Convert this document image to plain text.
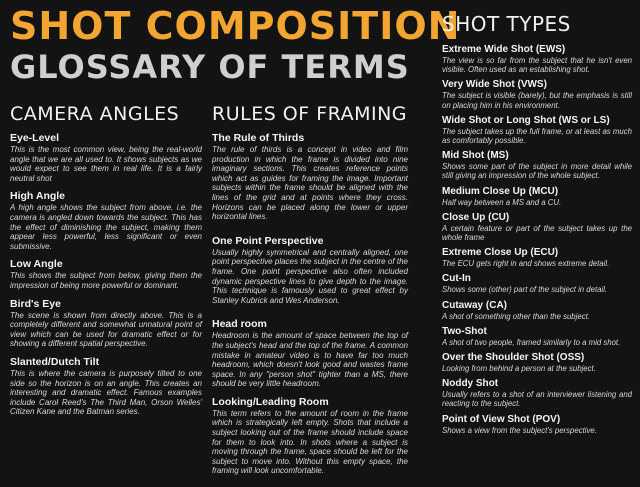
SHOT COMPOSITION
GLOSSARY OF TERMS
CAMERA ANGLES
Eye-Level
This is the most common view, being the real-world angle that we are all used to. It shows subjects as we would expect to see them in real life. It is a fairly neutral shot
High Angle
A high angle shows the subject from above, i.e. the camera is angled down towards the subject. This has the effect of diminishing the subject, making them appear less powerful, less significant or even submissive.
Low Angle
This shows the subject from below, giving them the impression of being more powerful or dominant.
Bird's Eye
The scene is shown from directly above. This is a completely different and somewhat unnatural point of view which can be used for dramatic effect or for showing a different spatial perspective.
Slanted/Dutch Tilt
This is where the camera is purposely tilted to one side so the horizon is on an angle. This creates an interesting and dramatic effect. Famous examples include Carol Reed's The Third Man, Orson Welles' Citizen Kane and the Batman series.
RULES OF FRAMING
The Rule of Thirds
The rule of thirds is a concept in video and film production in which the frame is divided into nine imaginary sections. This creates reference points which act as guides for framing the image. Important subjects within the frame should be aligned with the lines of the grid and at points where they cross. Horizons can be placed along the lower or upper horizontal lines.
One Point Perspective
Usually highly symmetrical and centrally aligned, one point perspective places the subject in the centre of the frame. One point perspective also often included dynamic perspective lines to give depth to the image. This technique is famously used to great effect by Stanley Kubrick and Wes Anderson.
Head room
Headroom is the amount of space between the top of the subject's head and the top of the frame. A common mistake in amateur video is to have far too much headroom, which doesn't look good and wastes frame space. In any "person shot" tighter than a MS, there should be very little headroom.
Looking/Leading Room
This term refers to the amount of room in the frame which is strategically left empty. Shots that include a subject looking out of the frame should include space for them to look into. In shots where a subject is moving through the frame, space should be left for the subject to move into. Without this empty space, the framing will look uncomfortable.
SHOT TYPES
Extreme Wide Shot (EWS)
The view is so far from the subject that he isn't even visible. Often used as an establishing shot.
Very Wide Shot (VWS)
The subject is visible (barely), but the emphasis is still on placing him in his environment.
Wide Shot or Long Shot (WS or LS)
The subject takes up the full frame, or at least as much as comfortably possible.
Mid Shot (MS)
Shows some part of the subject in more detail while still giving an impression of the whole subject.
Medium Close Up (MCU)
Half way between a MS and a CU.
Close Up (CU)
A certain feature or part of the subject takes up the whole frame
Extreme Close Up (ECU)
The ECU gets right in and shows extreme detail.
Cut-In
Shows some (other) part of the subject in detail.
Cutaway (CA)
A shot of something other than the subject.
Two-Shot
A shot of two people, framed similarly to a mid shot.
Over the Shoulder Shot (OSS)
Looking from behind a person at the subject.
Noddy Shot
Usually refers to a shot of an interviewer listening and reacting to the subject.
Point of View Shot (POV)
Shows a view from the subject's perspective.
